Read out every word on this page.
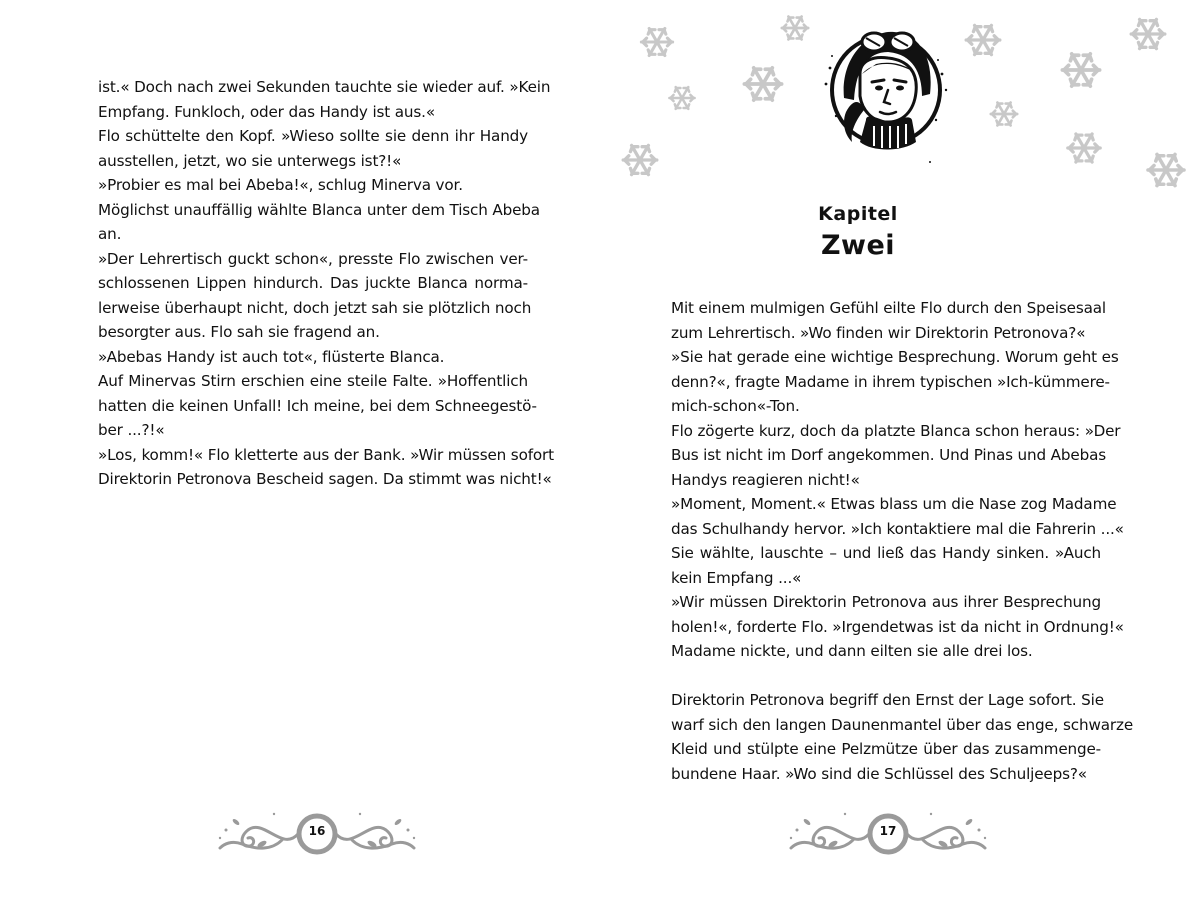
ist.« Doch nach zwei Sekunden tauchte sie wieder auf. »Kein
Empfang. Funkloch, oder das Handy ist aus.«
Flo schüttelte den Kopf. »Wieso sollte sie denn ihr Handy
ausstellen, jetzt, wo sie unterwegs ist?!«
»Probier es mal bei Abeba!«, schlug Minerva vor.
Möglichst unauffällig wählte Blanca unter dem Tisch Abeba
an.
»Der Lehrertisch guckt schon«, presste Flo zwischen ver-
schlossenen Lippen hindurch. Das juckte Blanca norma-
lerweise überhaupt nicht, doch jetzt sah sie plötzlich noch
besorgter aus. Flo sah sie fragend an.
»Abebas Handy ist auch tot«, flüsterte Blanca.
Auf Minervas Stirn erschien eine steile Falte. »Hoffentlich
hatten die keinen Unfall! Ich meine, bei dem Schneegestö-
ber ...?!«
»Los, komm!« Flo kletterte aus der Bank. »Wir müssen sofort
Direktorin Petronova Bescheid sagen. Da stimmt was nicht!«
16
Kapitel
Zwei
Mit einem mulmigen Gefühl eilte Flo durch den Speisesaal
zum Lehrertisch. »Wo finden wir Direktorin Petronova?«
»Sie hat gerade eine wichtige Besprechung. Worum geht es
denn?«, fragte Madame in ihrem typischen »Ich-kümmere-
mich-schon«-Ton.
Flo zögerte kurz, doch da platzte Blanca schon heraus: »Der
Bus ist nicht im Dorf angekommen. Und Pinas und Abebas
Handys reagieren nicht!«
»Moment, Moment.« Etwas blass um die Nase zog Madame
das Schulhandy hervor. »Ich kontaktiere mal die Fahrerin ...«
Sie wählte, lauschte – und ließ das Handy sinken. »Auch
kein Empfang ...«
»Wir müssen Direktorin Petronova aus ihrer Besprechung
holen!«, forderte Flo. »Irgendetwas ist da nicht in Ordnung!«
Madame nickte, und dann eilten sie alle drei los.
Direktorin Petronova begriff den Ernst der Lage sofort. Sie
warf sich den langen Daunenmantel über das enge, schwarze
Kleid und stülpte eine Pelzmütze über das zusammenge-
bundene Haar. »Wo sind die Schlüssel des Schuljeeps?«
17
